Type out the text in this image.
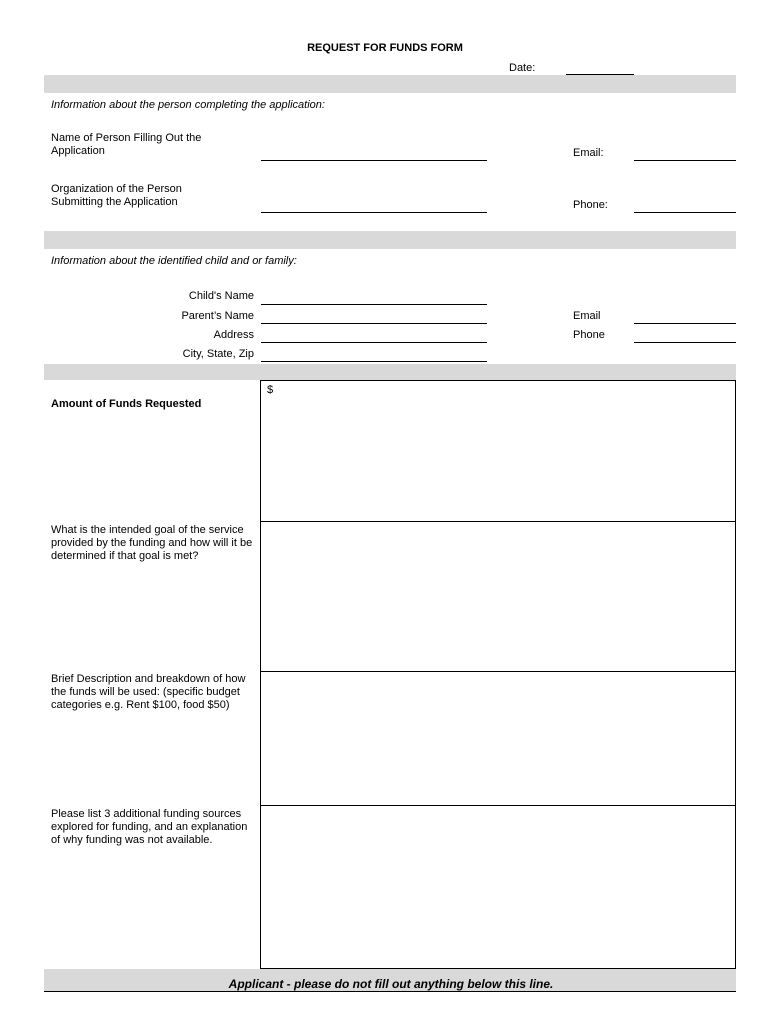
REQUEST FOR FUNDS FORM
Date:
Information about the person completing the application:
Name of Person Filling Out the
Application	Email:
Organization of the Person
Submitting the Application	Phone:
Information about the identified child and or family:
Child's Name
Parent’s Name
Address
City, State, Zip
Email
Phone
Amount of Funds Requested
$
What is the intended goal of the service provided by the funding and how will it be determined if that goal is met?
Brief Description and breakdown of how the funds will be used: (specific budget categories e.g. Rent $100, food $50)
Please list 3 additional funding sources explored for funding, and an explanation of why funding was not available.
Applicant - please do not fill out anything below this line.
